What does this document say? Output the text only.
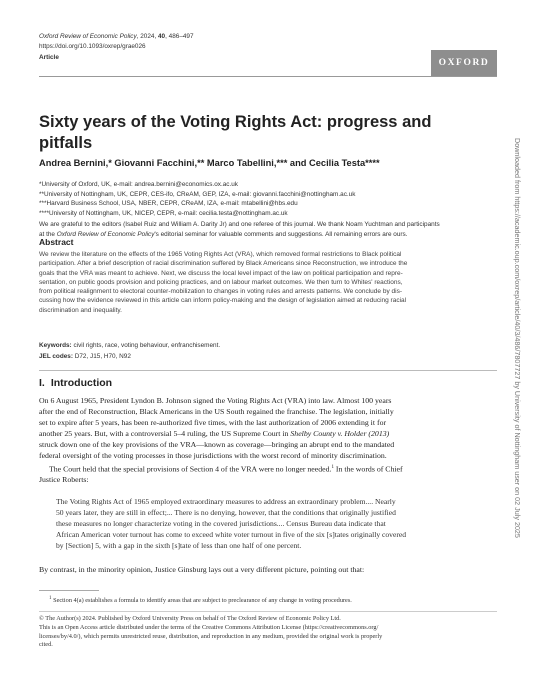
Oxford Review of Economic Policy, 2024, 40, 486–497
https://doi.org/10.1093/oxrep/grae026
Article
OXFORD
Sixty years of the Voting Rights Act: progress and pitfalls
Andrea Bernini,* Giovanni Facchini,** Marco Tabellini,*** and Cecilia Testa****
*University of Oxford, UK, e-mail: andrea.bernini@economics.ox.ac.uk
**University of Nottingham, UK, CEPR, CES-ifo, CReAM, GEP, IZA, e-mail: giovanni.facchini@nottingham.ac.uk
***Harvard Business School, USA, NBER, CEPR, CReAM, IZA, e-mail: mtabellini@hbs.edu
****University of Nottingham, UK, NICEP, CEPR, e-mail: cecilia.testa@nottingham.ac.uk
We are grateful to the editors (Isabel Ruiz and William A. Darity Jr) and one referee of this journal. We thank Noam Yuchtman and participants
at the Oxford Review of Economic Policy's editorial seminar for valuable comments and suggestions. All remaining errors are ours.
Abstract

We review the literature on the effects of the 1965 Voting Rights Act (VRA), which removed formal restrictions to Black political

participation. After a brief description of racial discrimination suffered by Black Americans since Reconstruction, we introduce the

goals that the VRA was meant to achieve. Next, we discuss the local level impact of the law on political participation and repre-

sentation, on public goods provision and policing practices, and on labour market outcomes. We then turn to Whites' reactions,

from political realignment to electoral counter-mobilization to changes in voting rules and arrests patterns. We conclude by dis-

cussing how the evidence reviewed in this article can inform policy-making and the design of legislation aimed at reducing racial

discrimination and inequality.

Keywords: civil rights, race, voting behaviour, enfranchisement.
JEL codes: D72, J15, H70, N92
I. Introduction
On 6 August 1965, President Lyndon B. Johnson signed the Voting Rights Act (VRA) into law. Almost 100 years
after the end of Reconstruction, Black Americans in the US South regained the franchise. The legislation, initially
set to expire after 5 years, has been re-authorized five times, with the last authorization of 2006 extending it for
another 25 years. But, with a controversial 5–4 ruling, the US Supreme Court in Shelby County v. Holder (2013)
struck down one of the key provisions of the VRA—known as coverage—bringing an abrupt end to the mandated
federal oversight of the voting processes in those jurisdictions with the worst record of minority discrimination.
The Court held that the special provisions of Section 4 of the VRA were no longer needed.$^1$ In the words of Chief
Justice Roberts:
The Voting Rights Act of 1965 employed extraordinary measures to address an extraordinary problem.... Nearly
50 years later, they are still in effect;... There is no denying, however, that the conditions that originally justified
these measures no longer characterize voting in the covered jurisdictions.... Census Bureau data indicate that
African American voter turnout has come to exceed white voter turnout in five of the six [s]tates originally covered
by [Section] 5, with a gap in the sixth [s]tate of less than one half of one percent.
By contrast, in the minority opinion, Justice Ginsburg lays out a very different picture, pointing out that:
$^1$ Section 4(a) establishes a formula to identify areas that are subject to preclearance of any change in voting procedures.
© The Author(s) 2024. Published by Oxford University Press on behalf of The Oxford Review of Economic Policy Ltd.
This is an Open Access article distributed under the terms of the Creative Commons Attribution License (https://creativecommons.org/
licenses/by/4.0/), which permits unrestricted reuse, distribution, and reproduction in any medium, provided the original work is properly
cited.
Downloaded from https://academic.oup.com/oxrep/article/40/3/486/7807727 by University of Nottingham user on 02 July 2025
